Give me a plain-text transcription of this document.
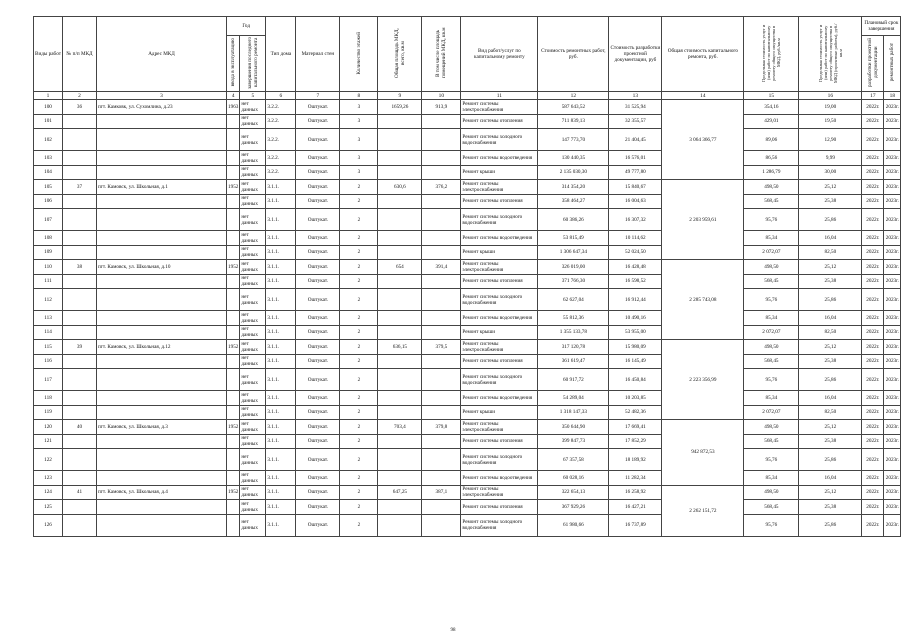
Виды работ	№ п/п МКД	Адрес МКД	Год		Тип дома	Материал стен	Количество этажей	Общая площадь МКД, всего, кв.м	В том числе площадь помещений МКД, кв.м	Вид работ/услуг по капитальному ремонту	Стоимость ремонтных работ, руб.	Стоимость разработки проектной документации, руб	Общая стоимость капитального ремонта, руб.	Предельная стоимость услуг и (или) работ по капитальному ремонту общего имущества в МКД, руб./кв.м	Предельная стоимость услуг и (или) работ по капитальному ремонту общего имущества в МКД (проектные работы), руб./кв.м	Плановый срок завершения	
			ввода в эксплуатацию	завершения последнего капитального ремонта												разработки проектной документации	ремонтных работ
1	2	3	4	5	6	7	8	9	10	11	12	13	14	15	16	17	18
100	36	пгт. Камковк, ул. Сухомлина, д.23	1963	нет данных	3.2.2.	Оштукат.	3	1659,26	913,9	Ремонт системы электроснабжения	587 643,52	31 525,94	3 064 366,77	354,16	19,00	2022г.	2023г.
101				нет данных	3.2.2.	Оштукат.	3			Ремонт системы отопления	711 839,13	32 355,57		429,01	19,50	2022г.	2023г.
102				нет данных	3.2.2.	Оштукат.	3			Ремонт системы холодного водоснабжения	147 773,70	21 404,45		89,06	12,90	2022г.	2023г.
103				нет данных	3.2.2.	Оштукат.	3			Ремонт системы водоотведения	130 440,35	16 576,01		86,56	9,99	2022г.	2023г.
104				нет данных	3.2.2.	Оштукат.	3			Ремонт крыши	2 135 030,30	49 777,80		1 286,79	30,00	2022г.	2023г.
105	37	пгт. Камовск, ул. Школьная, д.1	1952	нет данных	3.1.1.	Оштукат.	2	630,6	376,2	Ремонт системы электроснабжения	314 354,20	15 840,67	2 203 959,61	498,50	25,12	2022г.	2023г.
106				нет данных	3.1.1.	Оштукат.	2			Ремонт системы отопления	358 464,27	16 004,63		568,45	25,38	2022г.	2023г.
107				нет данных	3.1.1.	Оштукат.	2			Ремонт системы холодного водоснабжения	60 386,26	16 307,32		95,76	25,86	2022г.	2023г.
108				нет данных	3.1.1.	Оштукат.	2			Ремонт системы водоотведения	53 815,49	10 114,62		85,34	16,04	2022г.	2023г.
109				нет данных	3.1.1.	Оштукат.	2			Ремонт крыши	1 306 647,34	52 024,50		2 072,07	82,50	2022г.	2023г.
110	38	пгт. Камовск, ул. Школьная, д.10	1952	нет данных	3.1.1.	Оштукат.	2	654	391,4	Ремонт системы электроснабжения	326 019,00	16 428,48	2 285 743,08	498,50	25,12	2022г.	2023г.
111				нет данных	3.1.1.	Оштукат.	2			Ремонт системы отопления	371 766,30	16 598,52		568,45	25,38	2022г.	2023г.
112				нет данных	3.1.1.	Оштукат.	2			Ремонт системы холодного водоснабжения	62 627,04	16 912,44		95,76	25,86	2022г.	2023г.
113				нет данных	3.1.1.	Оштукат.	2			Ремонт системы водоотведения	55 812,36	10 490,16		85,34	16,04	2022г.	2023г.
114				нет данных	3.1.1.	Оштукат.	2			Ремонт крыши	1 355 133,78	53 955,00		2 072,07	82,50	2022г.	2023г.
115	39	пгт. Камовск, ул. Школьная, д.12	1952	нет данных	3.1.1.	Оштукат.	2	636,15	379,5	Ремонт системы электроснабжения	317 120,78	15 980,09	2 223 356,99	498,50	25,12	2022г.	2023г.
116				нет данных	3.1.1.	Оштукат.	2			Ремонт системы отопления	361 619,47	16 145,49		568,45	25,38	2022г.	2023г.
117				нет данных	3.1.1.	Оштукат.	2			Ремонт системы холодного водоснабжения	60 917,72	16 450,84		95,76	25,86	2022г.	2023г.
118				нет данных	3.1.1.	Оштукат.	2			Ремонт системы водоотведения	54 289,04	10 203,85		85,34	16,04	2022г.	2023г.
119				нет данных	3.1.1.	Оштукат.	2			Ремонт крыши	1 318 147,33	52 482,36		2 072,07	82,50	2022г.	2023г.
120	40	пгт. Камовск, ул. Школьная, д.3	1952	нет данных	3.1.1.	Оштукат.	2	703,4	379,8	Ремонт системы электроснабжения	350 644,90	17 669,41	942 872,53	498,50	25,12	2022г.	2023г.
121				нет данных	3.1.1.	Оштукат.	2			Ремонт системы отопления	399 847,73	17 852,29		568,45	25,38	2022г.	2023г.
122				нет данных	3.1.1.	Оштукат.	2			Ремонт системы холодного водоснабжения	67 357,58	18 189,92		95,76	25,86	2022г.	2023г.
123				нет данных	3.1.1.	Оштукат.	2			Ремонт системы водоотведения	60 028,16	11 282,34		85,34	16,04	2022г.	2023г.
124	41	пгт. Камовск, ул. Школьная, д.4	1952	нет данных	3.1.1.	Оштукат.	2	647,25	387,1	Ремонт системы электроснабжения	322 654,13	16 258,92	2 262 151,72	498,50	25,12	2022г.	2023г.
125				нет данных	3.1.1.	Оштукат.	2			Ремонт системы отопления	367 929,26	16 427,21		568,45	25,38	2022г.	2023г.
126				нет данных	3.1.1.	Оштукат.	2			Ремонт системы холодного водоснабжения	61 980,66	16 737,89		95,76	25,86	2022г.	2023г.
98
